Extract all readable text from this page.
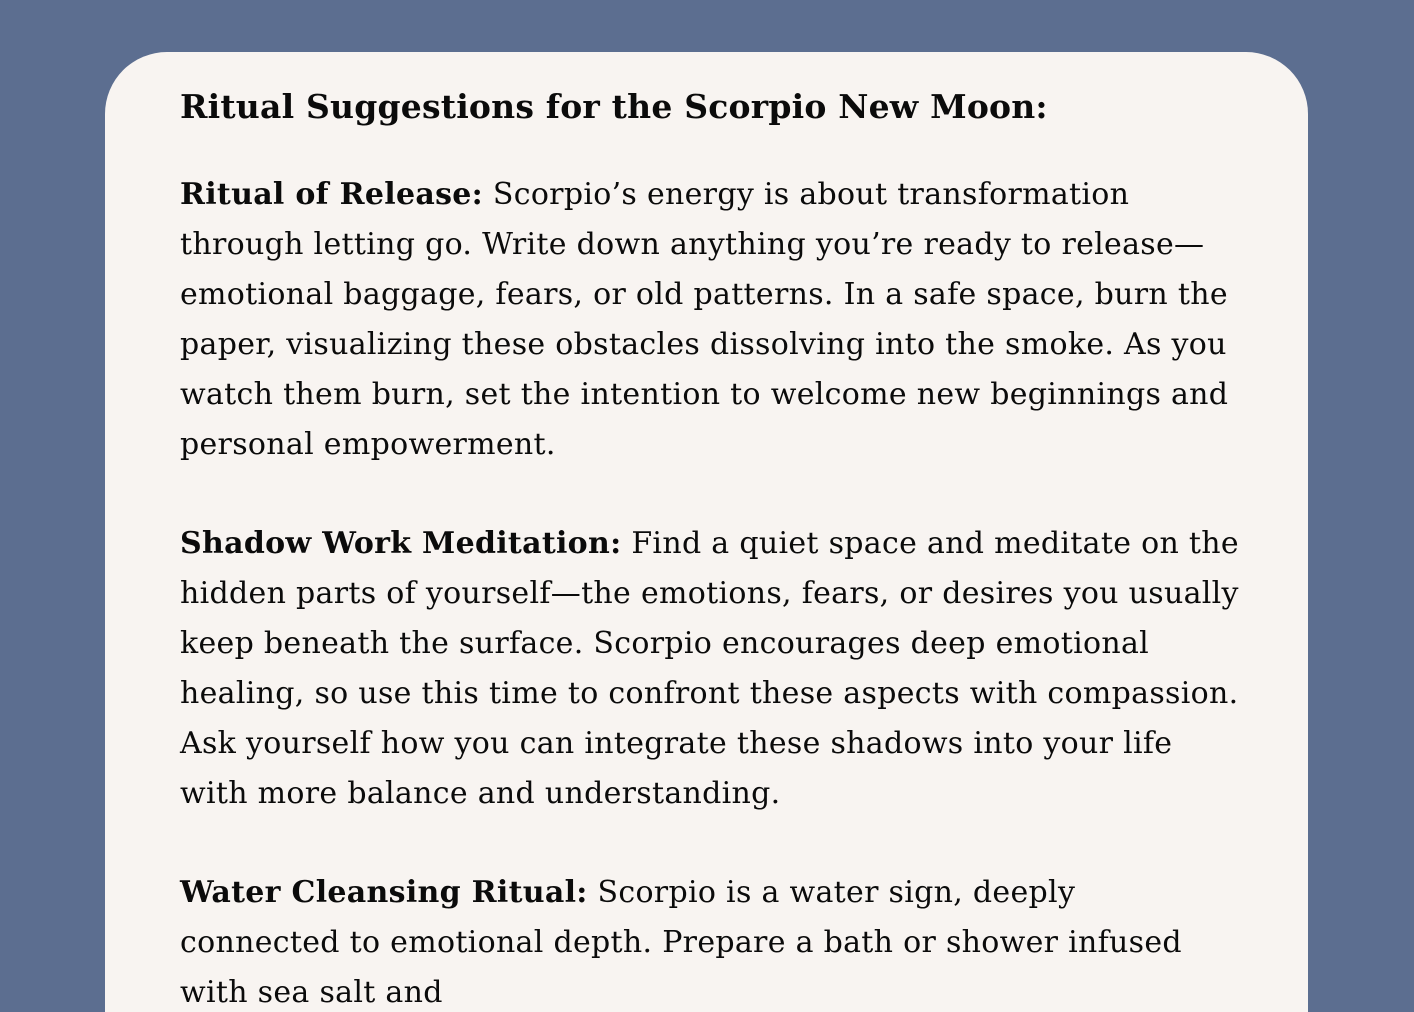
Ritual Suggestions for the Scorpio New Moon:

Ritual of Release: Scorpio’s energy is about transformation through letting go. Write down anything you’re ready to release—emotional baggage, fears, or old patterns. In a safe space, burn the paper, visualizing these obstacles dissolving into the smoke. As you watch them burn, set the intention to welcome new beginnings and personal empowerment.

Shadow Work Meditation: Find a quiet space and meditate on the hidden parts of yourself—the emotions, fears, or desires you usually keep beneath the surface. Scorpio encourages deep emotional healing, so use this time to confront these aspects with compassion. Ask yourself how you can integrate these shadows into your life with more balance and understanding.

Water Cleansing Ritual: Scorpio is a water sign, deeply connected to emotional depth. Prepare a bath or shower infused with sea salt and
